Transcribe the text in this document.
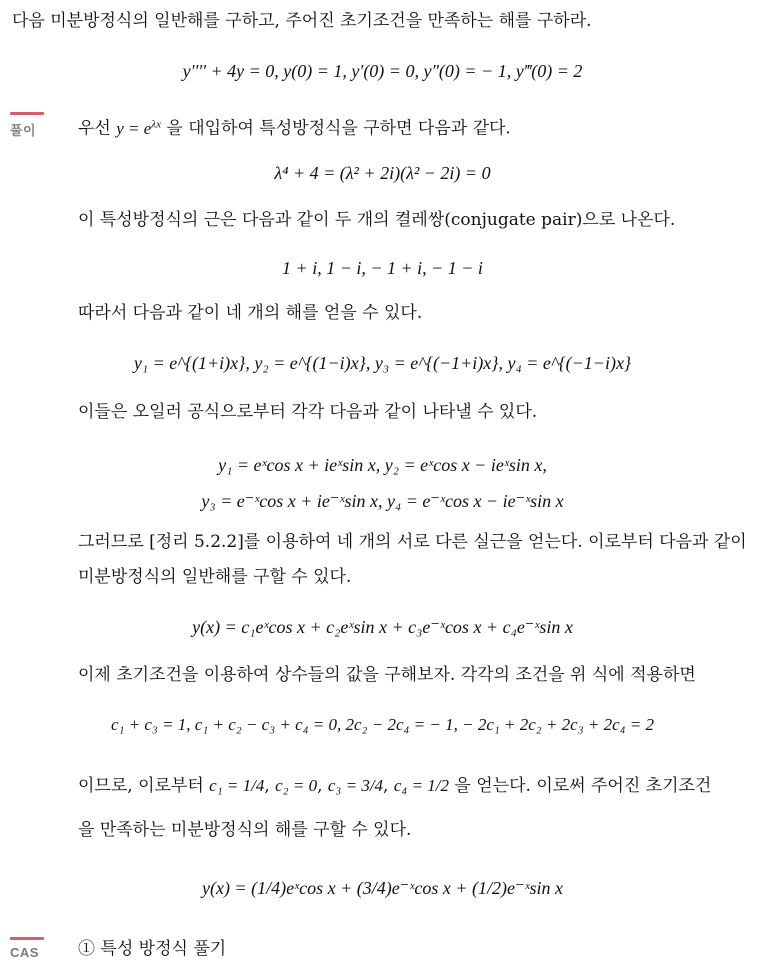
다음 미분방정식의 일반해를 구하고, 주어진 초기조건을 만족하는 해를 구하라.
y'''' + 4y = 0, y(0) = 1, y′(0) = 0, y″(0) = − 1, y‴(0) = 2
풀이	우선 $y = e^{\lambda x}$ 을 대입하여 특성방정식을 구하면 다음과 같다.
λ⁴ + 4 = (λ² + 2i)(λ² − 2i) = 0
이 특성방정식의 근은 다음과 같이 두 개의 켤레쌍(conjugate pair)으로 나온다.
1 + i, 1 − i, − 1 + i, − 1 − i
따라서 다음과 같이 네 개의 해를 얻을 수 있다.
y₁ = e^{(1+i)x}, y₂ = e^{(1−i)x}, y₃ = e^{(−1+i)x}, y₄ = e^{(−1−i)x}
이들은 오일러 공식으로부터 각각 다음과 같이 나타낼 수 있다.
y₁ = eˣcos x + ieˣsin x, y₂ = eˣcos x − ieˣsin x,
y₃ = e⁻ˣcos x + ie⁻ˣsin x, y₄ = e⁻ˣcos x − ie⁻ˣsin x
그러므로 [정리 5.2.2]를 이용하여 네 개의 서로 다른 실근을 얻는다. 이로부터 다음과 같이
미분방정식의 일반해를 구할 수 있다.
y(x) = c₁eˣcos x + c₂eˣsin x + c₃e⁻ˣcos x + c₄e⁻ˣsin x
이제 초기조건을 이용하여 상수들의 값을 구해보자. 각각의 조건을 위 식에 적용하면
c₁ + c₃ = 1, c₁ + c₂ − c₃ + c₄ = 0, 2c₂ − 2c₄ = − 1, − 2c₁ + 2c₂ + 2c₃ + 2c₄ = 2
이므로, 이로부터 c₁ = 1/4, c₂ = 0, c₃ = 3/4, c₄ = 1/2 을 얻는다. 이로써 주어진 초기조건
을 만족하는 미분방정식의 해를 구할 수 있다.
y(x) = (1/4)eˣcos x + (3/4)e⁻ˣcos x + (1/2)e⁻ˣsin x
CAS ① 특성 방정식 풀기
